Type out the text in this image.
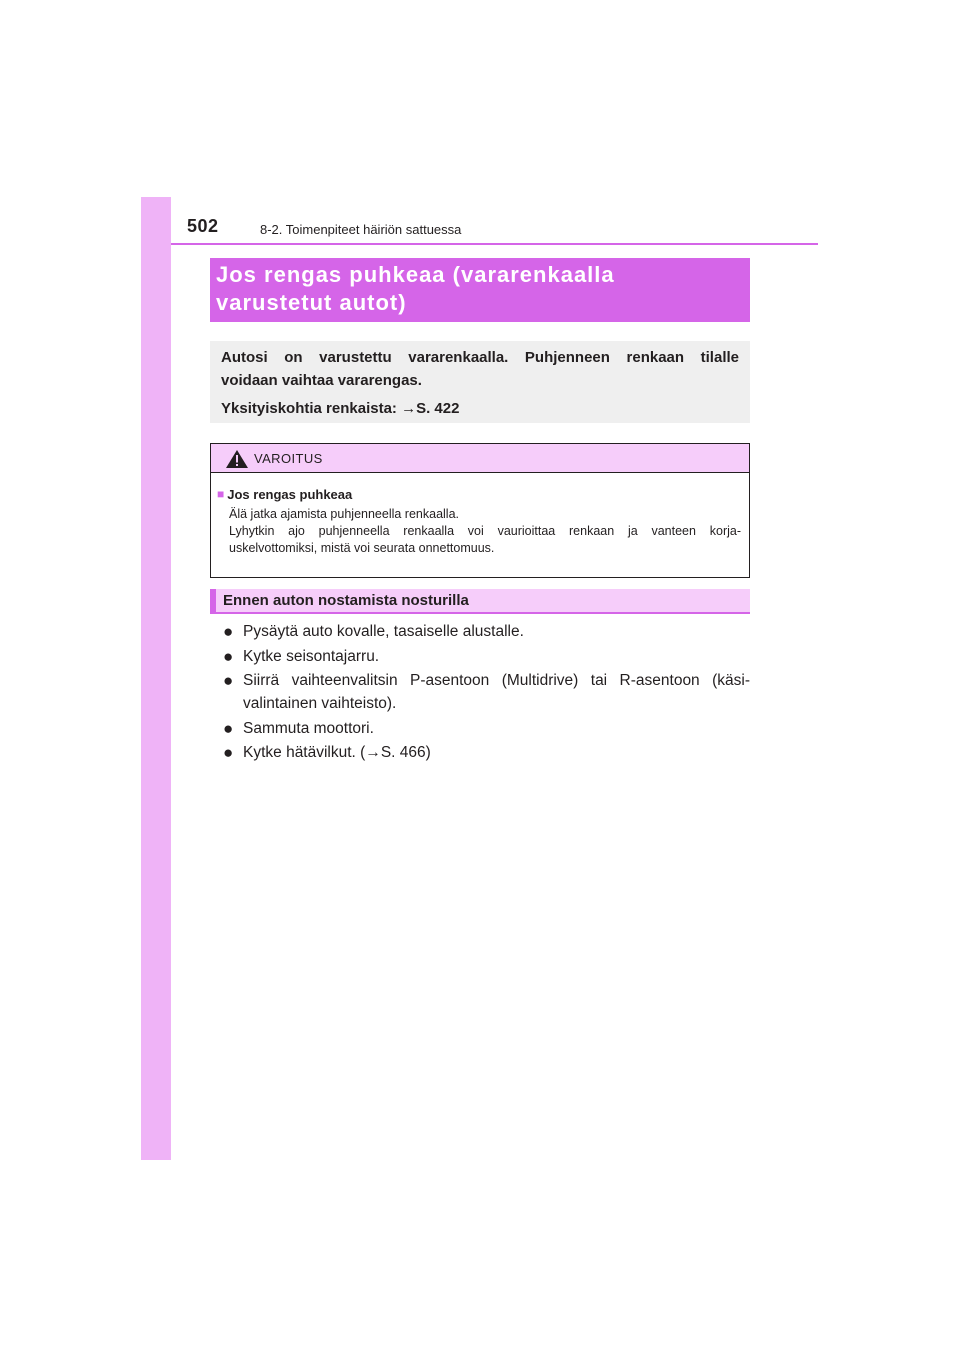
502	8-2. Toimenpiteet häiriön sattuessa
Jos rengas puhkeaa (vararenkaalla
varustetut autot)
Autosi on varustettu vararenkaalla. Puhjenneen renkaan tilalle
voidaan vaihtaa vararengas.
Yksityiskohtia renkaista: →S. 422
VAROITUS
■ Jos rengas puhkeaa
Älä jatka ajamista puhjenneella renkaalla.
Lyhytkin ajo puhjenneella renkaalla voi vaurioittaa renkaan ja vanteen korja-
uskelvottomiksi, mistä voi seurata onnettomuus.
Ennen auton nostamista nosturilla
● Pysäytä auto kovalle, tasaiselle alustalle.
● Kytke seisontajarru.
● Siirrä vaihteenvalitsin P-asentoon (Multidrive) tai R-asentoon (käsi-
valintainen vaihteisto).
● Sammuta moottori.
● Kytke hätävilkut. (→S. 466)
